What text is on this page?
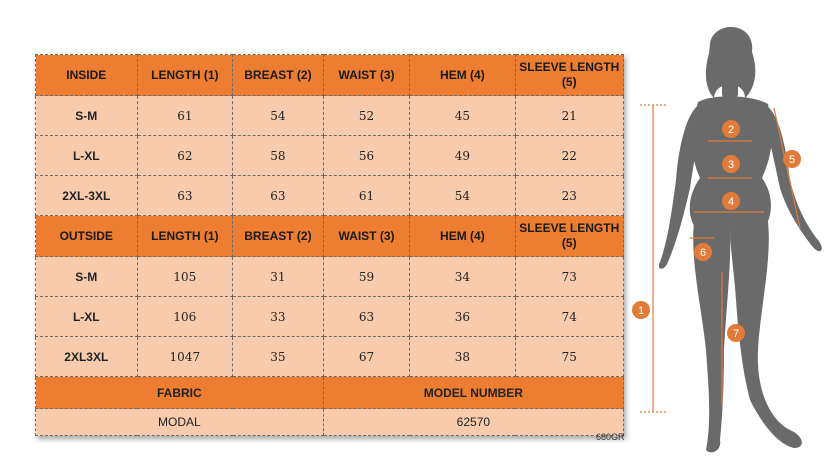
INSIDE	LENGTH (1)	BREAST (2)	WAIST (3)	HEM (4)	SLEEVE LENGTH (5)
S-M	61	54	52	45	21
L-XL	62	58	56	49	22
2XL-3XL	63	63	61	54	23
OUTSIDE	LENGTH (1)	BREAST (2)	WAIST (3)	HEM (4)	SLEEVE LENGTH (5)
S-M	105	31	59	34	73
L-XL	106	33	63	36	74
2XL3XL	1047	35	67	38	75
FABRIC			MODEL NUMBER		
MODAL			62570		
680GR
1
2
3
4
5
6
7
